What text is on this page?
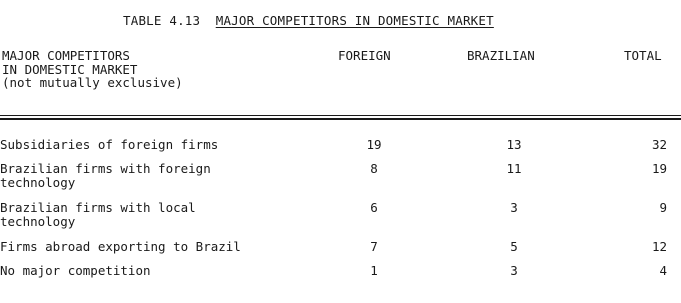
TABLE 4.13 MAJOR COMPETITORS IN DOMESTIC MARKET
MAJOR COMPETITORS
IN DOMESTIC MARKET
(not mutually exclusive)
FOREIGN	BRAZILIAN	TOTAL
Subsidiaries of foreign firms	19	13	32
Brazilian firms with foreign
technology
8	11	19
Brazilian firms with local
technology
6	3	9
Firms abroad exporting to Brazil	7	5	12
No major competition	1	3	4
